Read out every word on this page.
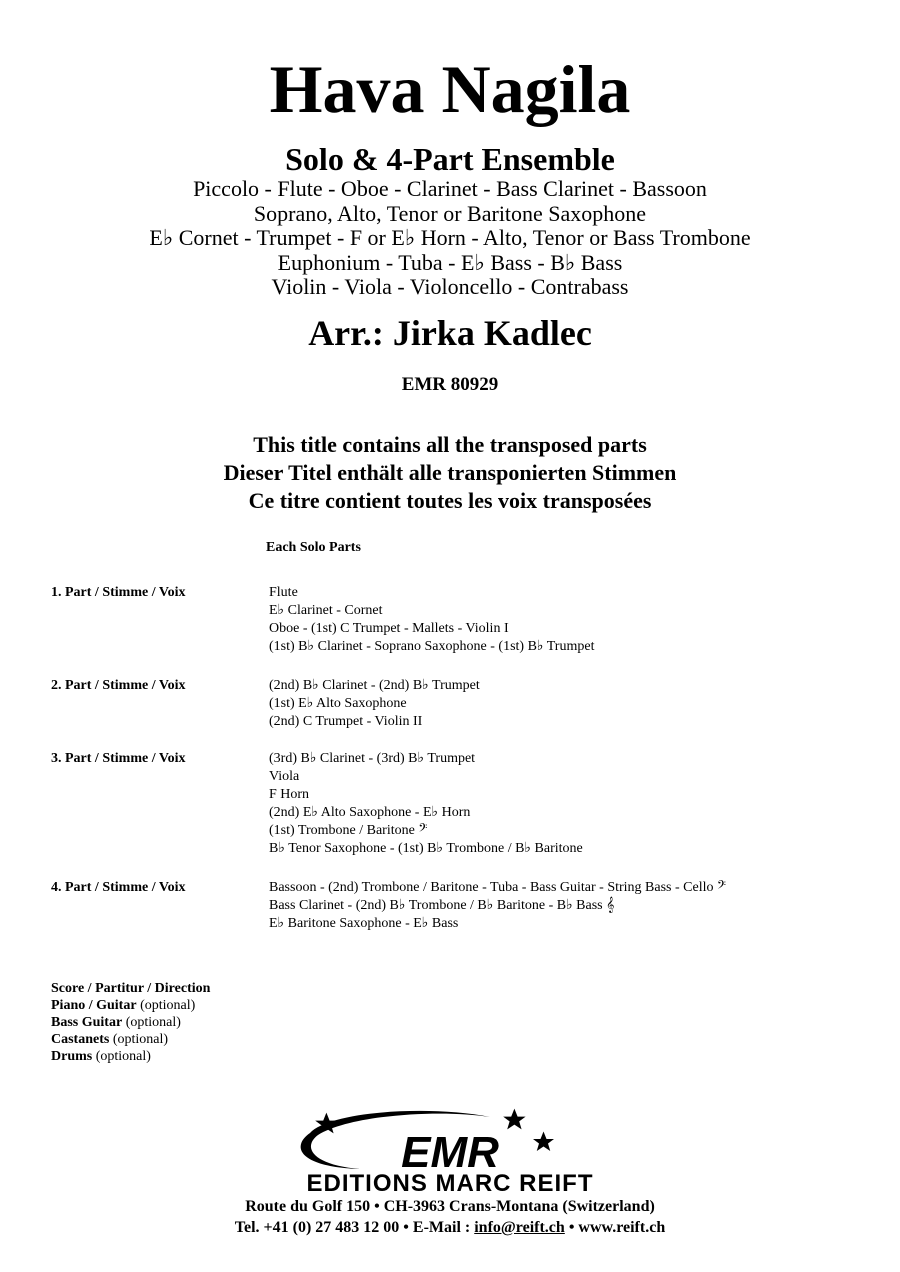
Hava Nagila
Solo & 4-Part Ensemble
Piccolo - Flute - Oboe - Clarinet - Bass Clarinet - Bassoon
Soprano, Alto, Tenor or Baritone Saxophone
E♭ Cornet - Trumpet - F or E♭ Horn - Alto, Tenor or Bass Trombone
Euphonium - Tuba - E♭ Bass - B♭ Bass
Violin - Viola - Violoncello - Contrabass
Arr.: Jirka Kadlec
EMR 80929
This title contains all the transposed parts
Dieser Titel enthält alle transponierten Stimmen
Ce titre contient toutes les voix transposées
Each Solo Parts
1. Part / Stimme / Voix	Flute
E♭ Clarinet - Cornet
Oboe - (1st) C Trumpet - Mallets - Violin I
(1st) B♭ Clarinet - Soprano Saxophone - (1st) B♭ Trumpet
2. Part / Stimme / Voix	(2nd) B♭ Clarinet - (2nd) B♭ Trumpet
(1st) E♭ Alto Saxophone
(2nd) C Trumpet - Violin II
3. Part / Stimme / Voix	(3rd) B♭ Clarinet - (3rd) B♭ Trumpet
Viola
F Horn
(2nd) E♭ Alto Saxophone - E♭ Horn
(1st) Trombone / Baritone 𝄢
B♭ Tenor Saxophone - (1st) B♭ Trombone / B♭ Baritone
4. Part / Stimme / Voix	Bassoon - (2nd) Trombone / Baritone - Tuba - Bass Guitar - String Bass - Cello 𝄢
Bass Clarinet - (2nd) B♭ Trombone / B♭ Baritone - B♭ Bass 𝄞
E♭ Baritone Saxophone - E♭ Bass
Score / Partitur / Direction
Piano / Guitar (optional)
Bass Guitar (optional)
Castanets (optional)
Drums (optional)
EMR
EDITIONS MARC REIFT
Route du Golf 150 • CH-3963 Crans-Montana (Switzerland)
Tel. +41 (0) 27 483 12 00 • E-Mail : info@reift.ch • www.reift.ch
